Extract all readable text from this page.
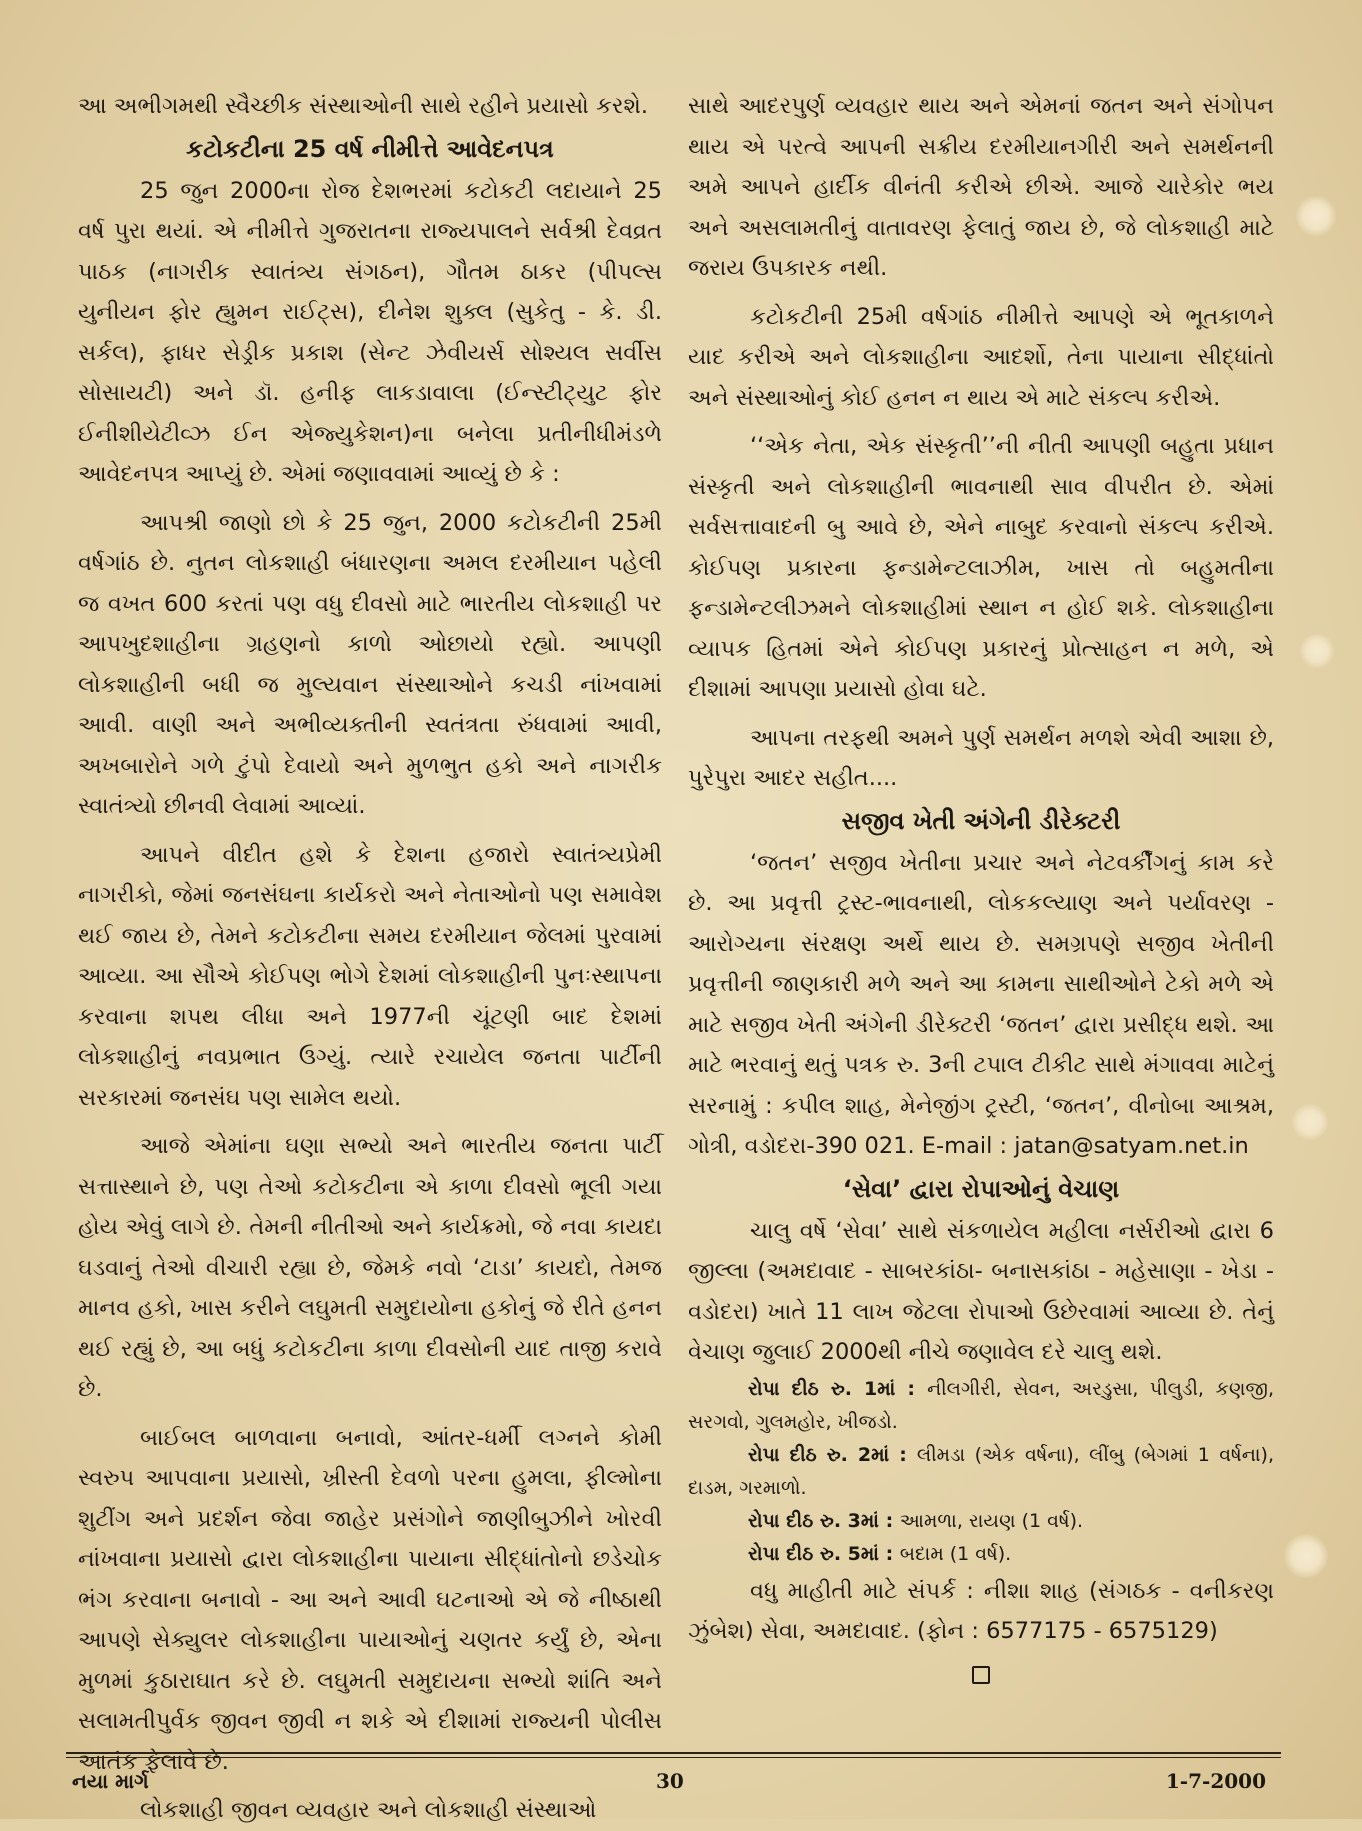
આ અભીગમથી સ્વૈચ્છીક સંસ્થાઓની સાથે રહીને પ્રયાસો કરશે.

કટોકટીના 25 વર્ષ નીમીત્તે આવેદનપત્ર

25 જુન 2000ના રોજ દેશભરમાં કટોકટી લદાયાને 25 વર્ષ પુરા થયાં. એ નીમીત્તે ગુજરાતના રાજ્યપાલને સર્વશ્રી દેવવ્રત પાઠક (નાગરીક સ્વાતંત્ર્ય સંગઠન), ગૌતમ ઠાકર (પીપલ્સ યુનીયન ફોર હ્યુમન રાઈટ્સ), દીનેશ શુક્લ (સુકેતુ - કે. ડી. સર્કલ), ફાધર સેડ્રીક પ્રકાશ (સેન્ટ ઝેવીયર્સ સોશ્યલ સર્વીસ સોસાયટી) અને ડૉ. હનીફ લાકડાવાલા (ઈન્સ્ટીટ્યુટ ફોર ઈનીશીયેટીવ્ઝ ઈન એજ્યુકેશન)ના બનેલા પ્રતીનીધીમંડળે આવેદનપત્ર આપ્યું છે. એમાં જણાવવામાં આવ્યું છે કે :

આપશ્રી જાણો છો કે 25 જુન, 2000 કટોકટીની 25મી વર્ષગાંઠ છે. નુતન લોકશાહી બંધારણના અમલ દરમીયાન પહેલી જ વખત 600 કરતાં પણ વધુ દીવસો માટે ભારતીય લોકશાહી પર આપખુદશાહીના ગ્રહણનો કાળો ઓછાયો રહ્યો. આપણી લોકશાહીની બધી જ મુલ્યવાન સંસ્થાઓને કચડી નાંખવામાં આવી. વાણી અને અભીવ્યક્તીની સ્વતંત્રતા રુંધવામાં આવી, અખબારોને ગળે ટુંપો દેવાયો અને મુળભુત હકો અને નાગરીક સ્વાતંત્ર્યો છીનવી લેવામાં આવ્યાં.

આપને વીદીત હશે કે દેશના હજારો સ્વાતંત્ર્યપ્રેમી નાગરીકો, જેમાં જનસંઘના કાર્યકરો અને નેતાઓનો પણ સમાવેશ થઈ જાય છે, તેમને કટોકટીના સમય દરમીયાન જેલમાં પુરવામાં આવ્યા. આ સૌએ કોઈપણ ભોગે દેશમાં લોકશાહીની પુનઃસ્થાપના કરવાના શપથ લીધા અને 1977ની ચૂંટણી બાદ દેશમાં લોકશાહીનું નવપ્રભાત ઉગ્યું. ત્યારે રચાયેલ જનતા પાર્ટીની સરકારમાં જનસંઘ પણ સામેલ થયો.

આજે એમાંના ઘણા સભ્યો અને ભારતીય જનતા પાર્ટી સત્તાસ્થાને છે, પણ તેઓ કટોકટીના એ કાળા દીવસો ભૂલી ગયા હોય એવું લાગે છે. તેમની નીતીઓ અને કાર્યક્રમો, જે નવા કાયદા ઘડવાનું તેઓ વીચારી રહ્યા છે, જેમકે નવો ‘ટાડા’ કાયદો, તેમજ માનવ હકો, ખાસ કરીને લઘુમતી સમુદાયોના હકોનું જે રીતે હનન થઈ રહ્યું છે, આ બધું કટોકટીના કાળા દીવસોની યાદ તાજી કરાવે છે.

બાઈબલ બાળવાના બનાવો, આંતર-ધર્મી લગ્નને કોમી સ્વરુપ આપવાના પ્રયાસો, ખ્રીસ્તી દેવળો પરના હુમલા, ફીલ્મોના શુટીંગ અને પ્રદર્શન જેવા જાહેર પ્રસંગોને જાણીબુઝીને ખોરવી નાંખવાના પ્રયાસો દ્વારા લોકશાહીના પાયાના સીદ્ધાંતોનો છડેચોક ભંગ કરવાના બનાવો - આ અને આવી ઘટનાઓ એ જે નીષ્ઠાથી આપણે સેક્યુલર લોકશાહીના પાયાઓનું ચણતર કર્યું છે, એના મુળમાં કુઠારાઘાત કરે છે. લઘુમતી સમુદાયના સભ્યો શાંતિ અને સલામતીપુર્વક જીવન જીવી ન શકે એ દીશામાં રાજ્યની પોલીસ આતંક ફેલાવે છે.

લોકશાહી જીવન વ્યવહાર અને લોકશાહી સંસ્થાઓ

સાથે આદરપુર્ણ વ્યવહાર થાય અને એમનાં જતન અને સંગોપન થાય એ પરત્વે આપની સક્રીય દરમીયાનગીરી અને સમર્થનની અમે આપને હાર્દીક વીનંતી કરીએ છીએ. આજે ચારેકોર ભય અને અસલામતીનું વાતાવરણ ફેલાતું જાય છે, જે લોકશાહી માટે જરાય ઉપકારક નથી.

કટોકટીની 25મી વર્ષગાંઠ નીમીત્તે આપણે એ ભૂતકાળને યાદ કરીએ અને લોકશાહીના આદર્શો, તેના પાયાના સીદ્ધાંતો અને સંસ્થાઓનું કોઈ હનન ન થાય એ માટે સંકલ્પ કરીએ.

‘‘એક નેતા, એક સંસ્કૃતી’’ની નીતી આપણી બહુતા પ્રધાન સંસ્કૃતી અને લોકશાહીની ભાવનાથી સાવ વીપરીત છે. એમાં સર્વસત્તાવાદની બુ આવે છે, એને નાબુદ કરવાનો સંકલ્પ કરીએ. કોઈપણ પ્રકારના ફન્ડામેન્ટલાઝીમ, ખાસ તો બહુમતીના ફન્ડામેન્ટલીઝમને લોકશાહીમાં સ્થાન ન હોઈ શકે. લોકશાહીના વ્યાપક હિતમાં એને કોઈપણ પ્રકારનું પ્રોત્સાહન ન મળે, એ દીશામાં આપણા પ્રયાસો હોવા ઘટે.

આપના તરફથી અમને પુર્ણ સમર્થન મળશે એવી આશા છે, પુરેપુરા આદર સહીત....

સજીવ ખેતી અંગેની ડીરેક્ટરી

‘જતન’ સજીવ ખેતીના પ્રચાર અને નેટવર્કીંગનું કામ કરે છે. આ પ્રવૃત્તી ટ્રસ્ટ-ભાવનાથી, લોકકલ્યાણ અને પર્યાવરણ - આરોગ્યના સંરક્ષણ અર્થે થાય છે. સમગ્રપણે સજીવ ખેતીની પ્રવૃત્તીની જાણકારી મળે અને આ કામના સાથીઓને ટેકો મળે એ માટે સજીવ ખેતી અંગેની ડીરેક્ટરી ‘જતન’ દ્વારા પ્રસીદ્ધ થશે. આ માટે ભરવાનું થતું પત્રક રુ. 3ની ટપાલ ટીકીટ સાથે મંગાવવા માટેનું સરનામું : કપીલ શાહ, મેનેજીંગ ટ્રસ્ટી, ‘જતન’, વીનોબા આશ્રમ, ગોત્રી, વડોદરા-390 021. E-mail : jatan@satyam.net.in

‘સેવા’ દ્વારા રોપાઓનું વેચાણ

ચાલુ વર્ષે ‘સેવા’ સાથે સંકળાયેલ મહીલા નર્સરીઓ દ્વારા 6 જીલ્લા (અમદાવાદ - સાબરકાંઠા- બનાસકાંઠા - મહેસાણા - ખેડા - વડોદરા) ખાતે 11 લાખ જેટલા રોપાઓ ઉછેરવામાં આવ્યા છે. તેનું વેચાણ જુલાઈ 2000થી નીચે જણાવેલ દરે ચાલુ થશે.

રોપા દીઠ રુ. 1માં : નીલગીરી, સેવન, અરડુસા, પીલુડી, કણજી, સરગવો, ગુલમહોર, ખીજડો.

રોપા દીઠ રુ. 2માં : લીમડા (એક વર્ષના), લીંબુ (બેગમાં 1 વર્ષના), દાડમ, ગરમાળો.

રોપા દીઠ રુ. 3માં : આમળા, રાયણ (1 વર્ષ).

રોપા દીઠ રુ. 5માં : બદામ (1 વર્ષ).

વધુ માહીતી માટે સંપર્ક : નીશા શાહ (સંગઠક - વનીકરણ ઝુંબેશ) સેવા, અમદાવાદ. (ફોન : 6577175 - 6575129)

નયા માર્ગ	30	1-7-2000
